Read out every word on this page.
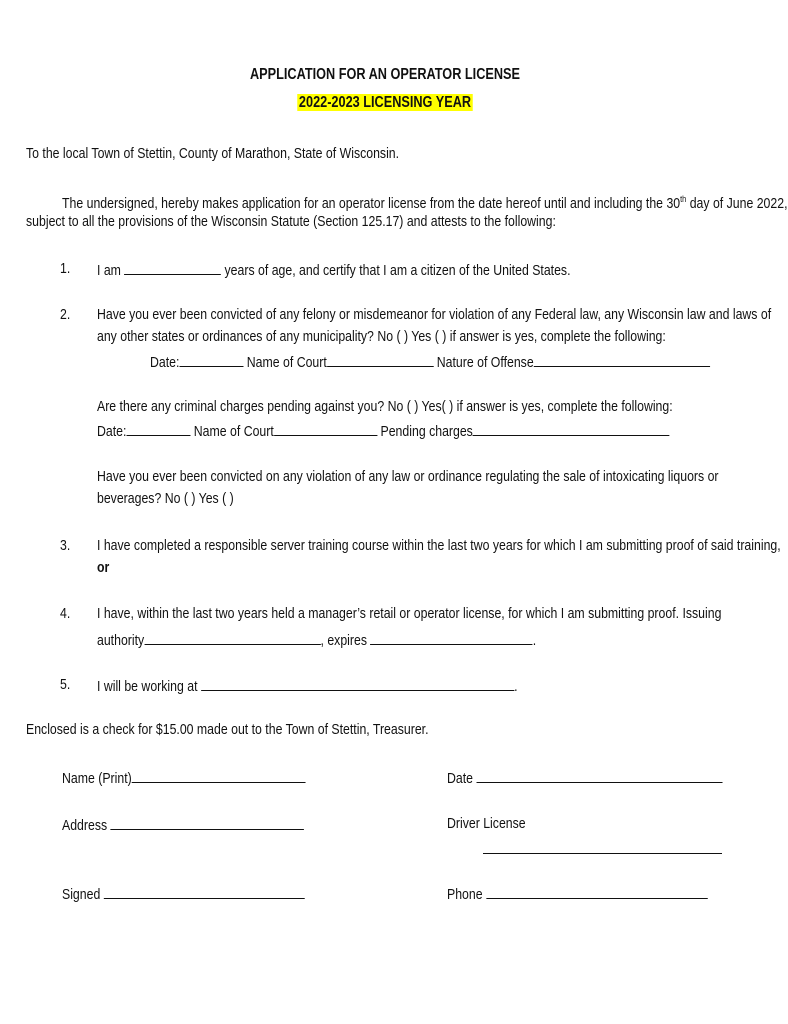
APPLICATION FOR AN OPERATOR LICENSE
2022-2023 LICENSING YEAR
To the local Town of Stettin, County of Marathon, State of Wisconsin.
The undersigned, hereby makes application for an operator license from the date hereof until and including the 30th day of June 2022,
subject to all the provisions of the Wisconsin Statute (Section 125.17) and attests to the following:
1. I am	years of age, and certify that I am a citizen of the United States.
2. Have you ever been convicted of any felony or misdemeanor for violation of any Federal law, any Wisconsin law and laws of
any other states or ordinances of any municipality? No ( ) Yes ( ) if answer is yes, complete the following:
Date:	Name of Court	Nature of Offense
Are there any criminal charges pending against you? No ( ) Yes( ) if answer is yes, complete the following:
Date:	Name of Court	Pending charges
Have you ever been convicted on any violation of any law or ordinance regulating the sale of intoxicating liquors or
beverages? No ( ) Yes ( )
3. I have completed a responsible server training course within the last two years for which I am submitting proof of said training,
or
4. I have, within the last two years held a manager’s retail or operator license, for which I am submitting proof. Issuing
authority	, expires	.
5. I will be working at	.
Enclosed is a check for $15.00 made out to the Town of Stettin, Treasurer.
Name (Print)	Date
Address	Driver License
Signed	Phone
